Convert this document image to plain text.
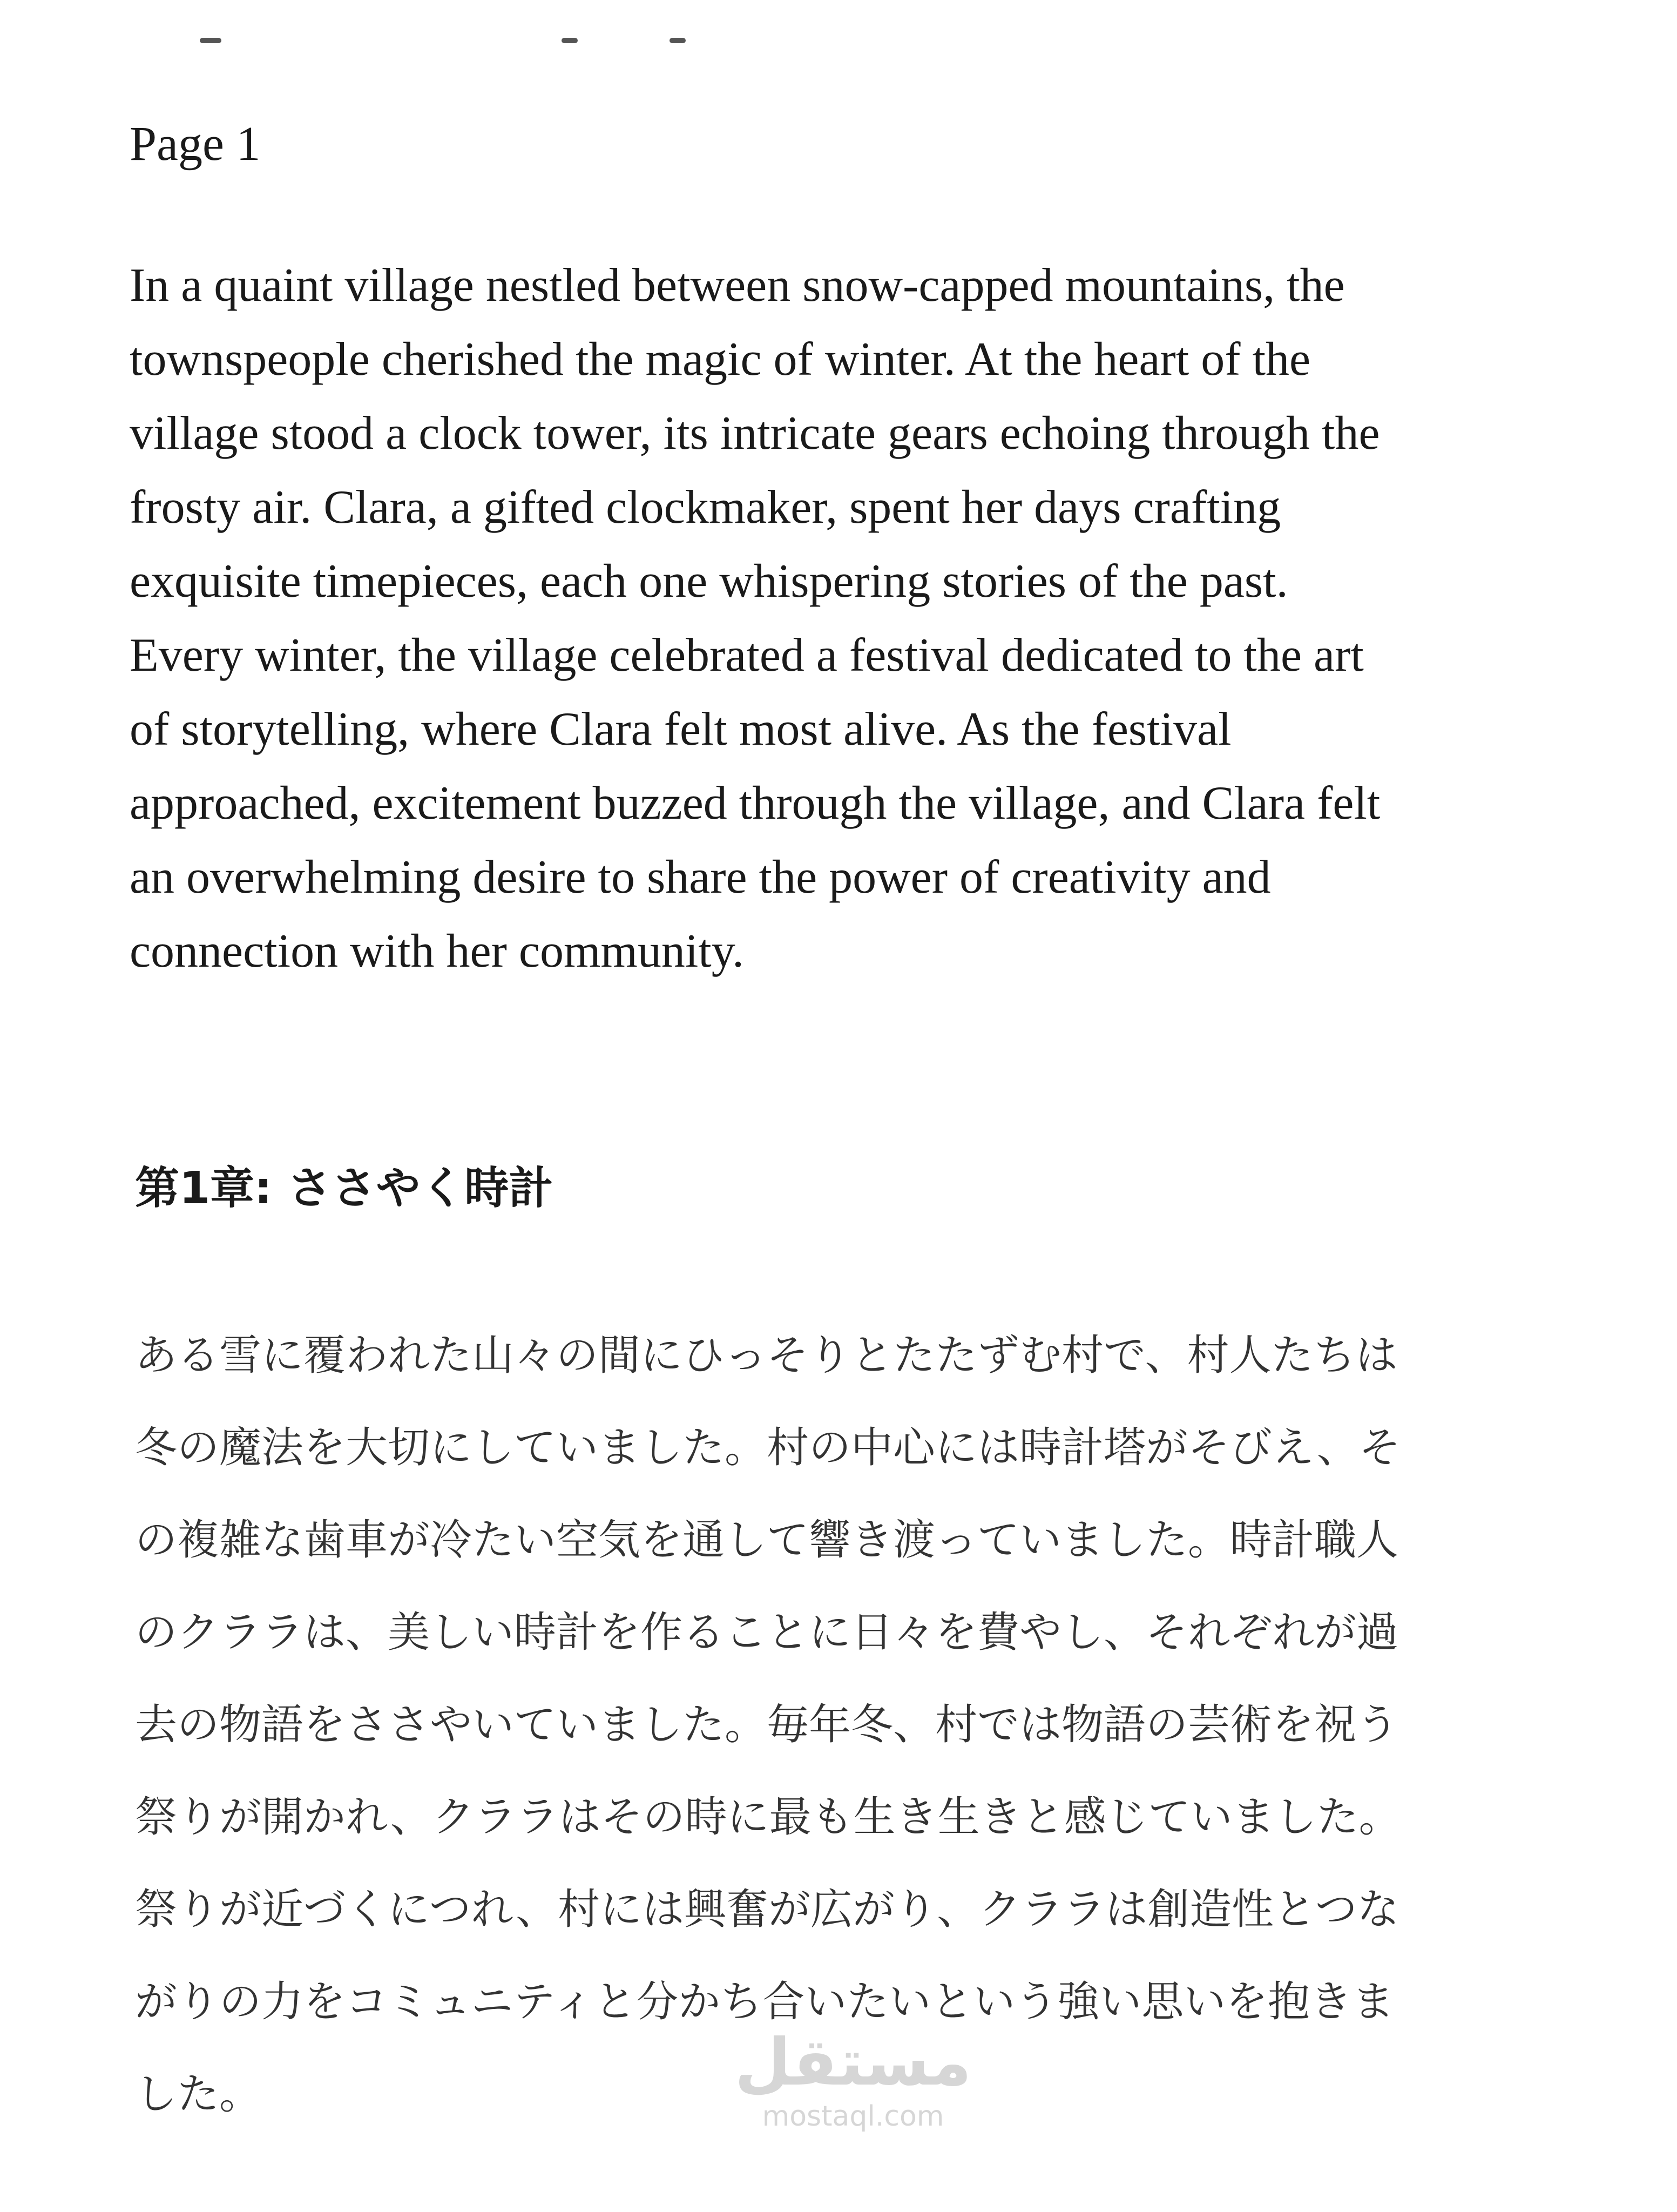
Page 1

In a quaint village nestled between snow-capped mountains, the
townspeople cherished the magic of winter. At the heart of the
village stood a clock tower, its intricate gears echoing through the
frosty air. Clara, a gifted clockmaker, spent her days crafting
exquisite timepieces, each one whispering stories of the past.
Every winter, the village celebrated a festival dedicated to the art
of storytelling, where Clara felt most alive. As the festival
approached, excitement buzzed through the village, and Clara felt
an overwhelming desire to share the power of creativity and
connection with her community.

第1章: ささやく時計

ある雪に覆われた山々の間にひっそりとたたずむ村で、村人たちは
冬の魔法を大切にしていました。村の中心には時計塔がそびえ、そ
の複雑な歯車が冷たい空気を通して響き渡っていました。時計職人
のクララは、美しい時計を作ることに日々を費やし、それぞれが過
去の物語をささやいていました。毎年冬、村では物語の芸術を祝う
祭りが開かれ、クララはその時に最も生き生きと感じていました。
祭りが近づくにつれ、村には興奮が広がり、クララは創造性とつな
がりの力をコミュニティと分かち合いたいという強い思いを抱きま
した。	مستقل
mostaql.com
